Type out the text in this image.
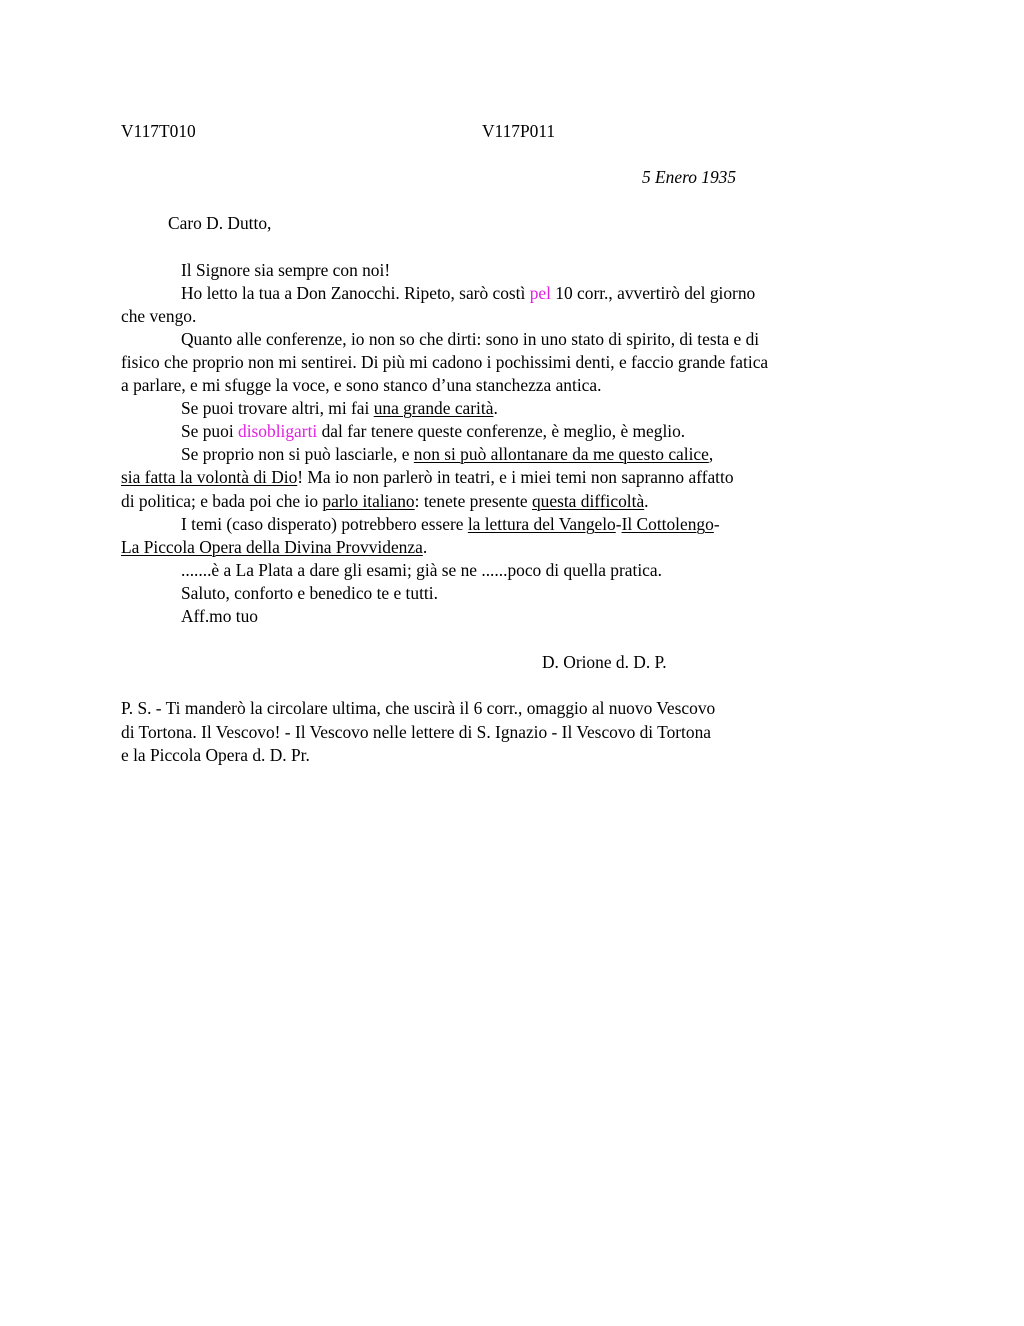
V117T010	V117P011

5 Enero 1935

Caro D. Dutto,

Il Signore sia sempre con noi!

Ho letto la tua a Don Zanocchi. Ripeto, sarò costì pel 10 corr., avvertirò del giorno

che vengo.

Quanto alle conferenze, io non so che dirti: sono in uno stato di spirito, di testa e di

fisico che proprio non mi sentirei. Di più mi cadono i pochissimi denti, e faccio grande fatica

a parlare, e mi sfugge la voce, e sono stanco d’una stanchezza antica.

Se puoi trovare altri, mi fai una grande carità.

Se puoi disobligarti dal far tenere queste conferenze, è meglio, è meglio.

Se proprio non si può lasciarle, e non si può allontanare da me questo calice,

sia fatta la volontà di Dio! Ma io non parlerò in teatri, e i miei temi non sapranno affatto

di politica; e bada poi che io parlo italiano: tenete presente questa difficoltà.

I temi (caso disperato) potrebbero essere la lettura del Vangelo-Il Cottolengo-

La Piccola Opera della Divina Provvidenza.

.......è a La Plata a dare gli esami; già se ne ......poco di quella pratica.

Saluto, conforto e benedico te e tutti.

Aff.mo tuo

D. Orione d. D. P.

P. S. - Ti manderò la circolare ultima, che uscirà il 6 corr., omaggio al nuovo Vescovo

di Tortona. Il Vescovo! - Il Vescovo nelle lettere di S. Ignazio - Il Vescovo di Tortona

e la Piccola Opera d. D. Pr.
